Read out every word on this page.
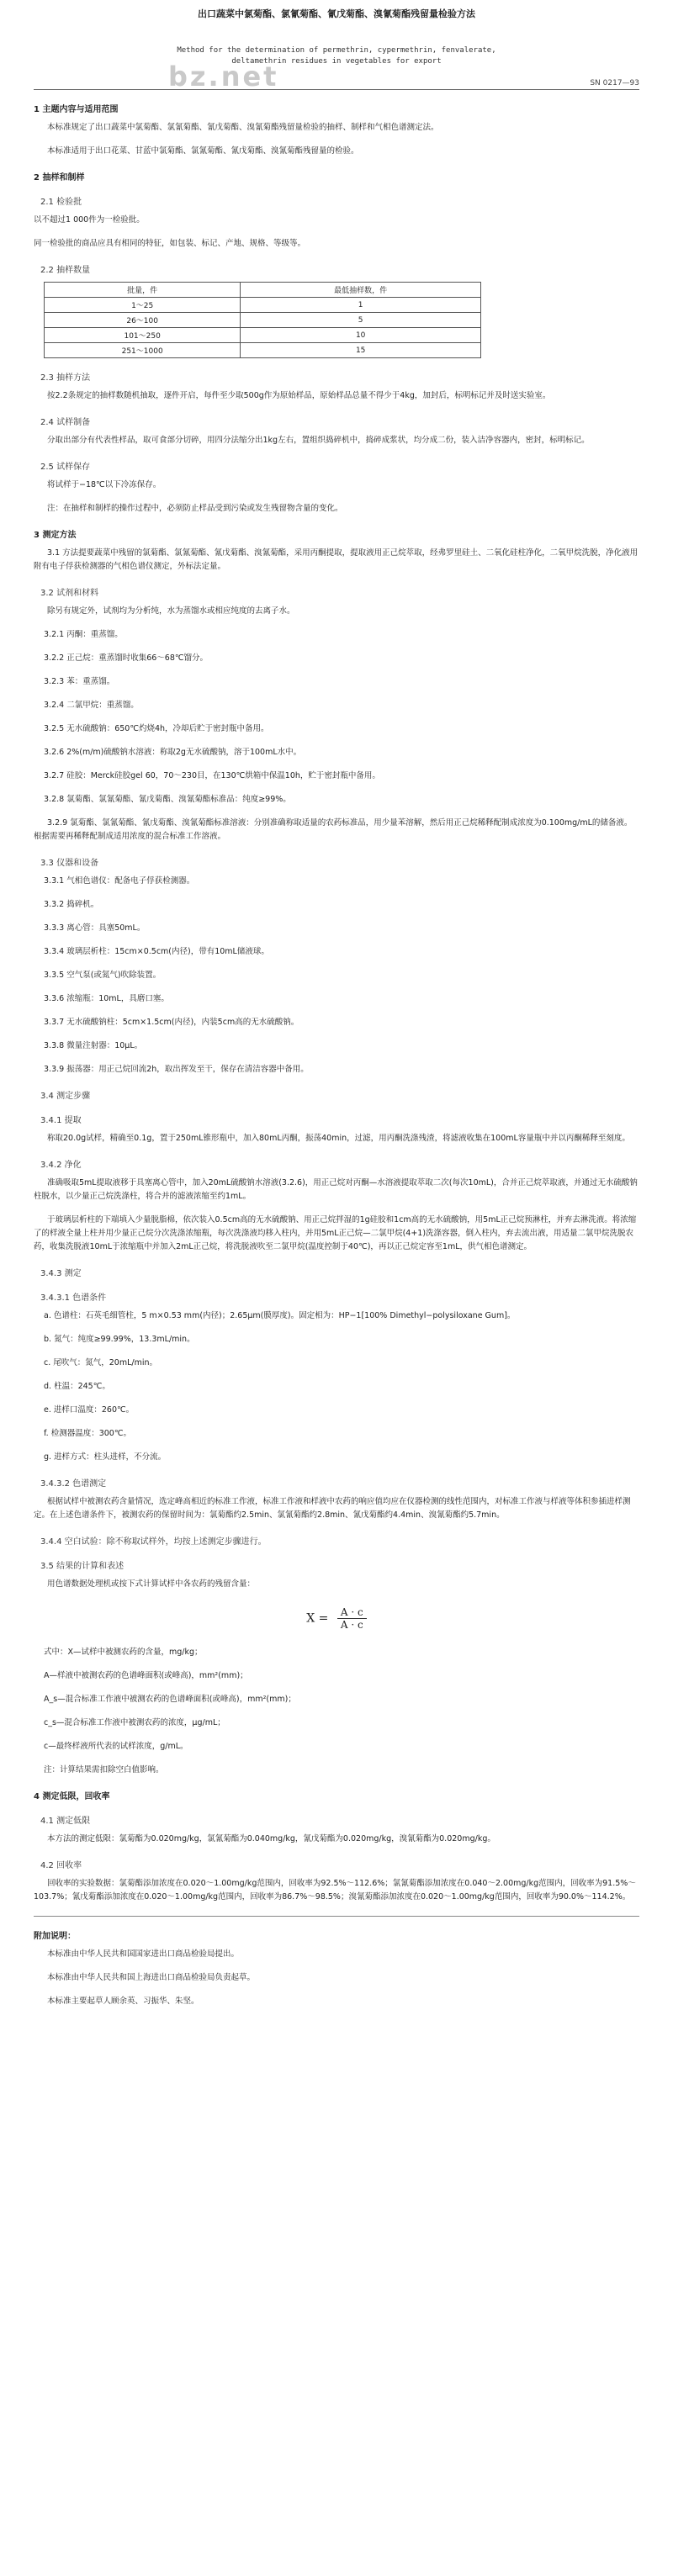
bz.net
出口蔬菜中氯菊酯、氯氰菊酯、氰戊菊酯、溴氰菊酯残留量检验方法
Method for the determination of permethrin, cypermethrin, fenvalerate,
deltamethrin residues in vegetables for export
SN 0217—93
1 主题内容与适用范围
本标准规定了出口蔬菜中氯菊酯、氯氰菊酯、氰戊菊酯、溴氰菊酯残留量检验的抽样、制样和气相色谱测定法。
本标准适用于出口花菜、甘蓝中氯菊酯、氯氰菊酯、氰戊菊酯、溴氰菊酯残留量的检验。
2 抽样和制样
2.1 检验批
以不超过1 000件为一检验批。
同一检验批的商品应具有相同的特征，如包装、标记、产地、规格、等级等。
2.2 抽样数量
批量，件	最低抽样数，件
1～25	1
26～100	5
101～250	10
251～1000	15
2.3 抽样方法
按2.2条规定的抽样数随机抽取，逐件开启，每件至少取500g作为原始样品，原始样品总量不得少于4kg，加封后，标明标记并及时送实验室。
2.4 试样制备
分取出部分有代表性样品，取可食部分切碎，用四分法缩分出1kg左右，置组织捣碎机中，捣碎成浆状，均分成二份，装入洁净容器内，密封，标明标记。
2.5 试样保存
将试样于−18℃以下冷冻保存。
注：在抽样和制样的操作过程中，必须防止样品受到污染或发生残留物含量的变化。
3 测定方法
3.1 方法提要蔬菜中残留的氯菊酯、氯氰菊酯、氰戊菊酯、溴氰菊酯，采用丙酮提取，提取液用正己烷萃取，经弗罗里硅土、二氧化硅柱净化，二氧甲烷洗脱，净化液用附有电子俘获检测器的气相色谱仪测定，外标法定量。
3.2 试剂和材料
除另有规定外，试剂均为分析纯，水为蒸馏水或相应纯度的去离子水。
3.2.1 丙酮：重蒸馏。
3.2.2 正己烷：重蒸馏时收集66～68℃馏分。
3.2.3 苯：重蒸馏。
3.2.4 二氯甲烷：重蒸馏。
3.2.5 无水硫酸钠：650℃灼烧4h，冷却后贮于密封瓶中备用。
3.2.6 2%(m/m)硫酸钠水溶液：称取2g无水硫酸钠，溶于100mL水中。
3.2.7 硅胶：Merck硅胶gel 60，70～230目，在130℃烘箱中保温10h，贮于密封瓶中备用。
3.2.8 氯菊酯、氯氰菊酯、氰戊菊酯、溴氰菊酯标准品：纯度≥99%。
3.2.9 氯菊酯、氯氰菊酯、氰戊菊酯、溴氰菊酯标准溶液：分别准确称取适量的农药标准品，用少量苯溶解，然后用正己烷稀释配制成浓度为0.100mg/mL的储备液。根据需要再稀释配制成适用浓度的混合标准工作溶液。
3.3 仪器和设备
3.3.1 气相色谱仪：配备电子俘获检测器。
3.3.2 捣碎机。
3.3.3 离心管：具塞50mL。
3.3.4 玻璃层析柱：15cm×0.5cm(内径)，带有10mL储液球。
3.3.5 空气泵(或氮气)吹除装置。
3.3.6 浓缩瓶：10mL，具磨口塞。
3.3.7 无水硫酸钠柱：5cm×1.5cm(内径)，内装5cm高的无水硫酸钠。
3.3.8 微量注射器：10μL。
3.3.9 振荡器：用正己烷回流2h，取出挥发至干，保存在清洁容器中备用。
3.4 测定步骤
3.4.1 提取
称取20.0g试样，精确至0.1g，置于250mL锥形瓶中，加入80mL丙酮，振荡40min，过滤，用丙酮洗涤残渣，将滤液收集在100mL容量瓶中并以丙酮稀释至刻度。
3.4.2 净化
准确吸取5mL提取液移于具塞离心管中，加入20mL硫酸钠水溶液(3.2.6)，用正己烷对丙酮—水溶液提取萃取二次(每次10mL)，合并正己烷萃取液，并通过无水硫酸钠柱脱水，以少量正己烷洗涤柱，将合并的滤液浓缩至约1mL。
于玻璃层析柱的下端填入少量脱脂棉，依次装入0.5cm高的无水硫酸钠、用正己烷拌湿的1g硅胶和1cm高的无水硫酸钠，用5mL正己烷预淋柱，并弃去淋洗液。将浓缩了的样液全量上柱并用少量正己烷分次洗涤浓缩瓶，每次洗涤液均移入柱内，并用5mL正己烷—二氯甲烷(4+1)洗涤容器，倒入柱内，弃去流出液，用适量二氯甲烷洗脱农药，收集洗脱液10mL于浓缩瓶中并加入2mL正己烷，将洗脱液吹至二氯甲烷(温度控制于40℃)，再以正己烷定容至1mL，供气相色谱测定。
3.4.3 测定
3.4.3.1 色谱条件
a. 色谱柱：石英毛细管柱，5 m×0.53 mm(内径)；2.65μm(膜厚度)。固定相为：HP−1[100% Dimethyl−polysiloxane Gum]。
b. 氮气：纯度≥99.99%，13.3mL/min。
c. 尾吹气：氮气，20mL/min。
d. 柱温：245℃。
e. 进样口温度：260℃。
f. 检测器温度：300℃。
g. 进样方式：柱头进样，不分流。
3.4.3.2 色谱测定
根据试样中被测农药含量情况，选定峰高相近的标准工作液，标准工作液和样液中农药的响应值均应在仪器检测的线性范围内，对标准工作液与样液等体积参插进样测定。在上述色谱条件下，被测农药的保留时间为：氯菊酯约2.5min、氯氰菊酯约2.8min、氰戊菊酯约4.4min、溴氰菊酯约5.7min。
3.4.4 空白试验：除不称取试样外，均按上述测定步骤进行。
3.5 结果的计算和表述
用色谱数据处理机或按下式计算试样中各农药的残留含量：
$X = \frac{A \cdot c}{A \cdot c}$
式中：X—试样中被测农药的含量，mg/kg；
A—样液中被测农药的色谱峰面积(或峰高)，mm²(mm)；
A_s—混合标准工作液中被测农药的色谱峰面积(或峰高)，mm²(mm)；
c_s—混合标准工作液中被测农药的浓度，μg/mL；
c—最终样液所代表的试样浓度，g/mL。
注：计算结果需扣除空白值影响。
4 测定低限，回收率
4.1 测定低限
本方法的测定低限：氯菊酯为0.020mg/kg，氯氰菊酯为0.040mg/kg，氰戊菊酯为0.020mg/kg，溴氰菊酯为0.020mg/kg。
4.2 回收率
回收率的实验数据：氯菊酯添加浓度在0.020～1.00mg/kg范围内，回收率为92.5%～112.6%；氯氰菊酯添加浓度在0.040～2.00mg/kg范围内，回收率为91.5%～103.7%；氰戊菊酯添加浓度在0.020～1.00mg/kg范围内，回收率为86.7%～98.5%；溴氰菊酯添加浓度在0.020～1.00mg/kg范围内，回收率为90.0%～114.2%。
附加说明：
本标准由中华人民共和国国家进出口商品检验局提出。
本标准由中华人民共和国上海进出口商品检验局负责起草。
本标准主要起草人顾余英、习振华、朱坚。
